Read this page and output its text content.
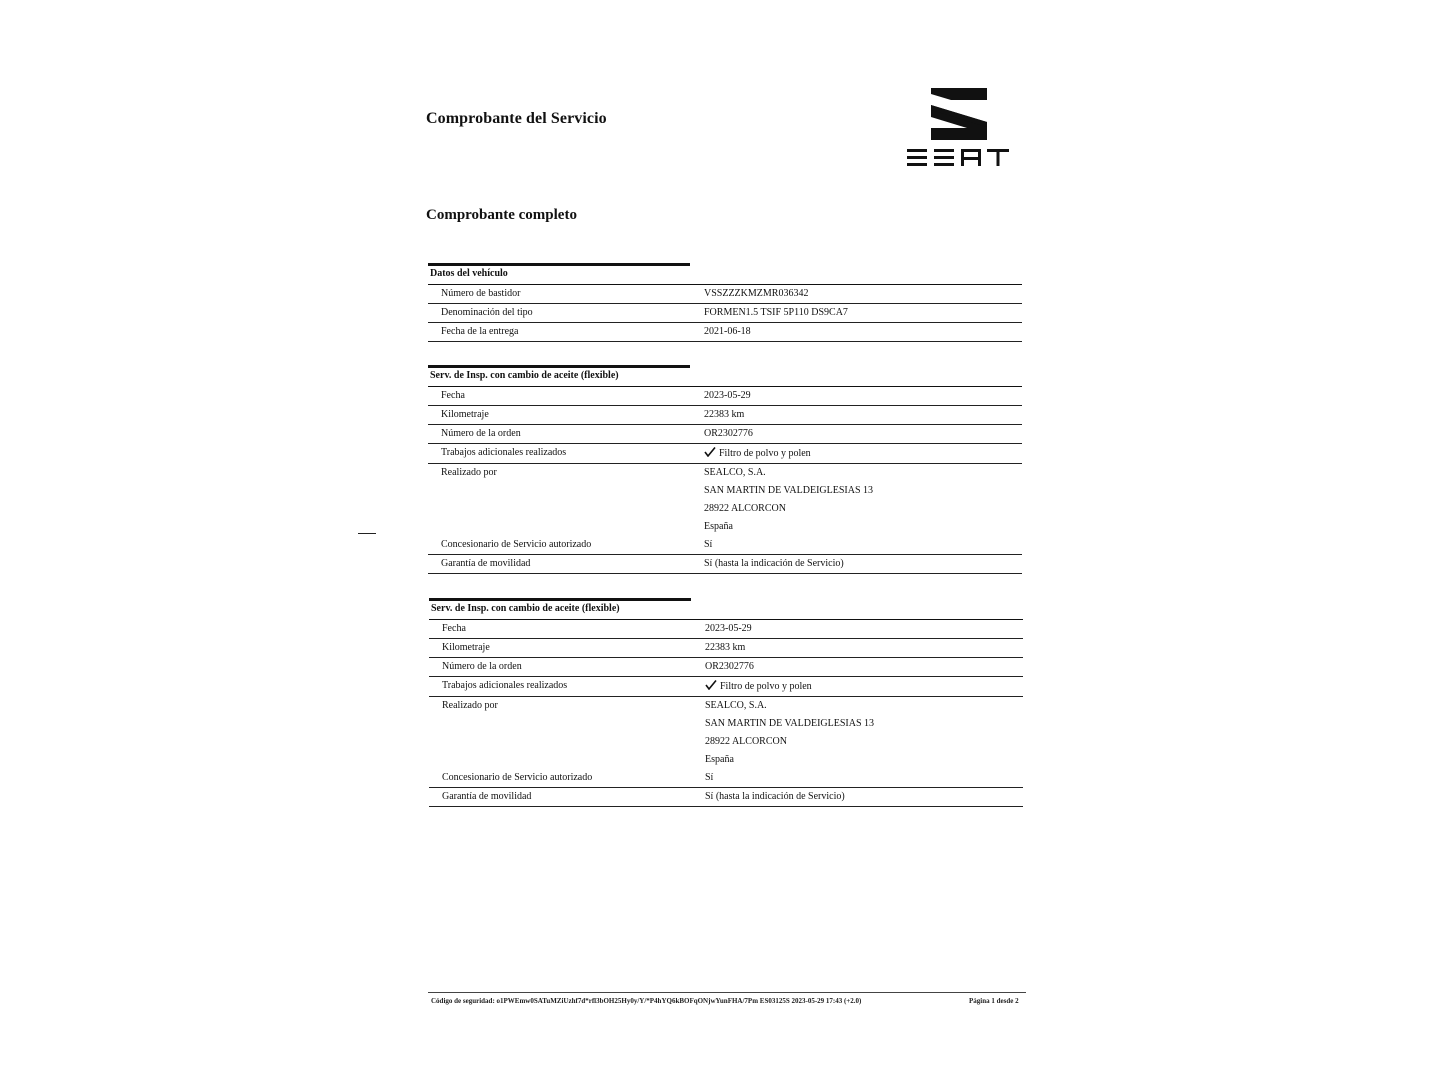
Comprobante del Servicio
Comprobante completo
Datos del vehículo
Número de bastidor	VSSZZZKMZMR036342
Denominación del tipo	FORMEN1.5 TSIF 5P110 DS9CA7
Fecha de la entrega	2021-06-18
Serv. de Insp. con cambio de aceite (flexible)
Fecha	2023-05-29
Kilometraje	22383 km
Número de la orden	OR2302776
Trabajos adicionales realizados	Filtro de polvo y polen
Realizado por	SEALCO, S.A.
SAN MARTIN DE VALDEIGLESIAS 13
28922 ALCORCON
España
Concesionario de Servicio autorizado	Sí
Garantía de movilidad	Sí (hasta la indicación de Servicio)
Serv. de Insp. con cambio de aceite (flexible)
Fecha	2023-05-29
Kilometraje	22383 km
Número de la orden	OR2302776
Trabajos adicionales realizados	Filtro de polvo y polen
Realizado por	SEALCO, S.A.
SAN MARTIN DE VALDEIGLESIAS 13
28922 ALCORCON
España
Concesionario de Servicio autorizado	Sí
Garantía de movilidad	Sí (hasta la indicación de Servicio)
Código de seguridad: o1PWEmw0SATuMZiUzhf7d*rfl3bOH25Hy0y/Y/*P4hYQ6kBOFqONjwYunFHA/7Pm ES03125S 2023-05-29 17:43 (+2.0)	Página 1 desde 2
